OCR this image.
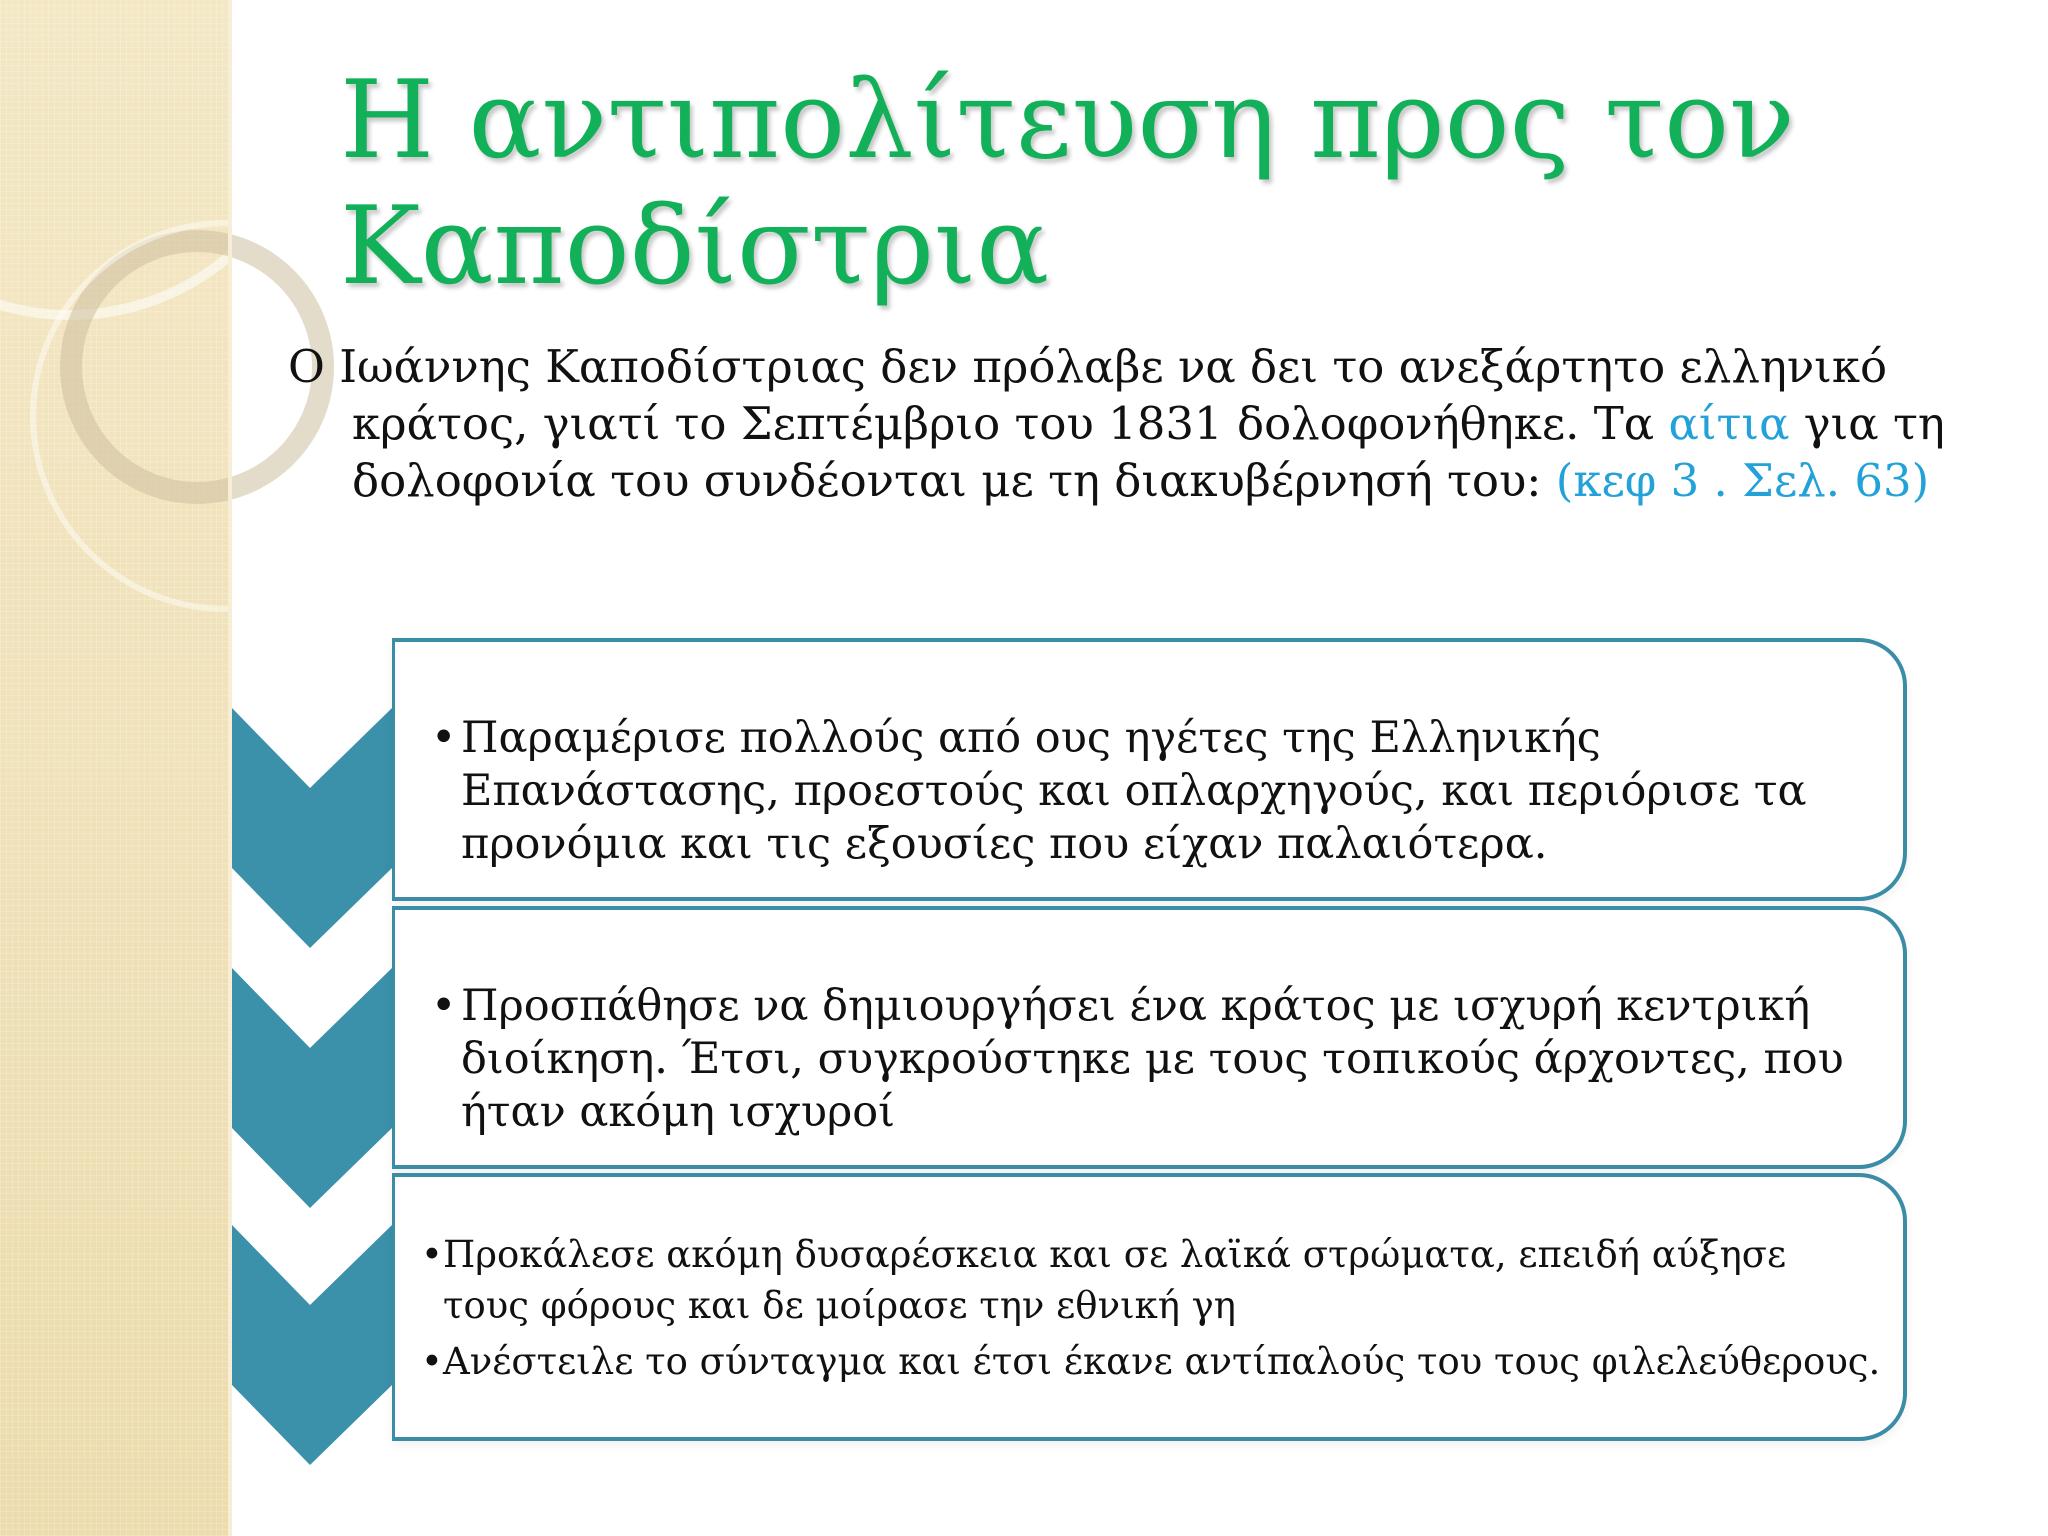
Η αντιπολίτευση προς τον Καποδίστρια
Ο Ιωάννης Καποδίστριας δεν πρόλαβε να δει το ανεξάρτητο ελληνικό κράτος, γιατί το Σεπτέμβριο του 1831 δολοφονήθηκε. Τα αίτια για τη δολοφονία του συνδέονται με τη διακυβέρνησή του: (κεφ 3 . Σελ. 63)
• Παραμέρισε πολλούς από ους ηγέτες της Ελληνικής Επανάστασης, προεστούς και οπλαρχηγούς, και περιόρισε τα προνόμια και τις εξουσίες που είχαν παλαιότερα.
• Προσπάθησε να δημιουργήσει ένα κράτος με ισχυρή κεντρική διοίκηση. Έτσι, συγκρούστηκε με τους τοπικούς άρχοντες, που ήταν ακόμη ισχυροί
• Προκάλεσε ακόμη δυσαρέσκεια και σε λαϊκά στρώματα, επειδή αύξησε τους φόρους και δε μοίρασε την εθνική γη
• Ανέστειλε το σύνταγμα και έτσι έκανε αντίπαλούς του τους φιλελεύθερους.
